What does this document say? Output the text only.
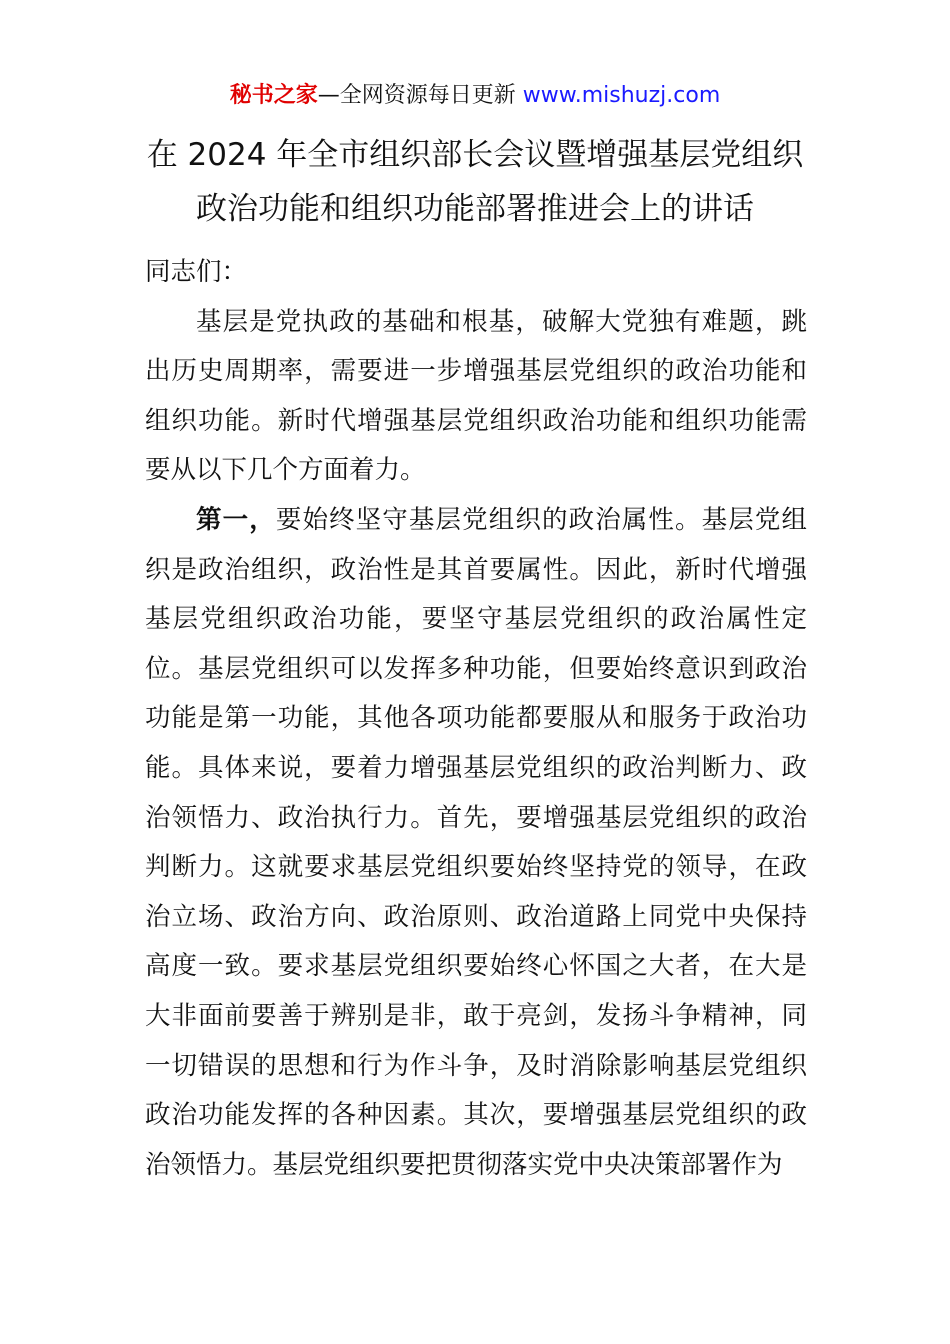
秘书之家—全网资源每日更新 www.mishuzj.com
在 2024 年全市组织部长会议暨增强基层党组织
政治功能和组织功能部署推进会上的讲话

同志们：

基层是党执政的基础和根基，破解大党独有难题，跳出历史周期率，需要进一步增强基层党组织的政治功能和组织功能。新时代增强基层党组织政治功能和组织功能需要从以下几个方面着力。

第一，要始终坚守基层党组织的政治属性。基层党组织是政治组织，政治性是其首要属性。因此，新时代增强基层党组织政治功能，要坚守基层党组织的政治属性定位。基层党组织可以发挥多种功能，但要始终意识到政治功能是第一功能，其他各项功能都要服从和服务于政治功能。具体来说，要着力增强基层党组织的政治判断力、政治领悟力、政治执行力。首先，要增强基层党组织的政治判断力。这就要求基层党组织要始终坚持党的领导，在政治立场、政治方向、政治原则、政治道路上同党中央保持高度一致。要求基层党组织要始终心怀国之大者，在大是大非面前要善于辨别是非，敢于亮剑，发扬斗争精神，同一切错误的思想和行为作斗争，及时消除影响基层党组织政治功能发挥的各种因素。其次，要增强基层党组织的政治领悟力。基层党组织要把贯彻落实党中央决策部署作为
